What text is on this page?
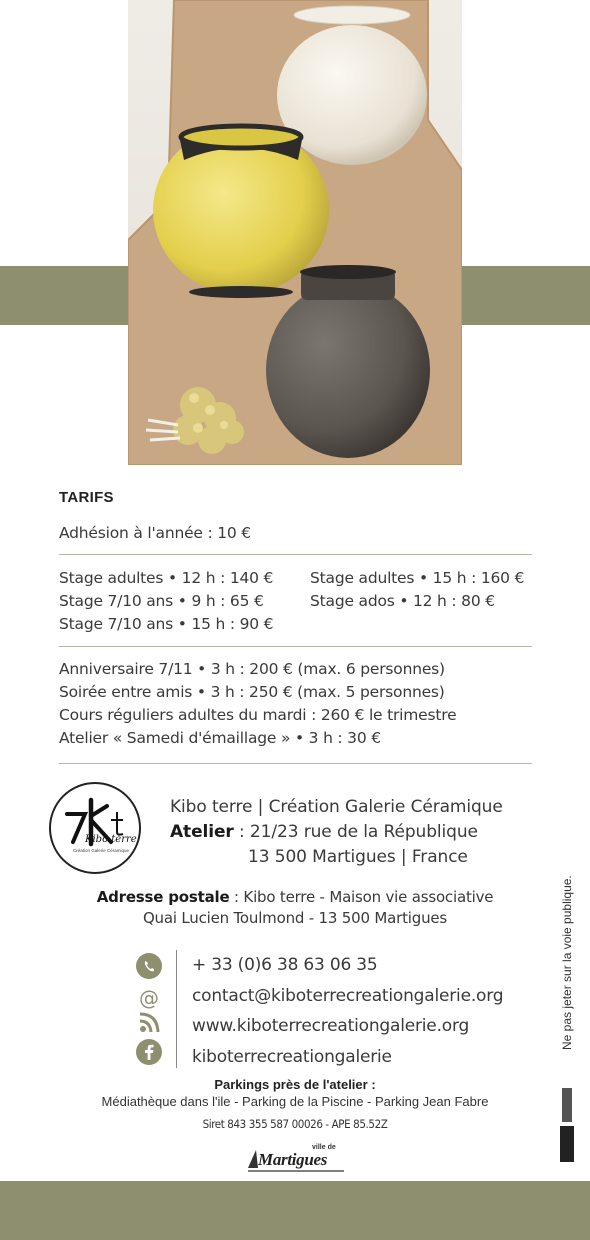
TARIFS
Adhésion à l'année : 10 €
Stage adultes • 12 h : 140 €
Stage 7/10 ans • 9 h : 65 €
Stage 7/10 ans • 15 h : 90 €
Stage adultes • 15 h : 160 €
Stage ados • 12 h : 80 €
Anniversaire 7/11 • 3 h : 200 € (max. 6 personnes)
Soirée entre amis • 3 h : 250 € (max. 5 personnes)
Cours réguliers adultes du mardi : 260 € le trimestre
Atelier « Samedi d'émaillage » • 3 h : 30 €
Kibo terre
Création Galerie Céramique
Kibo terre | Création Galerie Céramique
Atelier : 21/23 rue de la République
13 500 Martigues | France
Adresse postale : Kibo terre - Maison vie associative
Quai Lucien Toulmond - 13 500 Martigues
@
+ 33 (0)6 38 63 06 35
contact@kiboterrecreationgalerie.org
www.kiboterrecreationgalerie.org
kiboterrecreationgalerie
Parkings près de l'atelier :
Médiathèque dans l'ile - Parking de la Piscine - Parking Jean Fabre
Siret 843 355 587 00026 - APE 85.52Z
ville de
Martigues
Ne pas jeter sur la voie publique.
